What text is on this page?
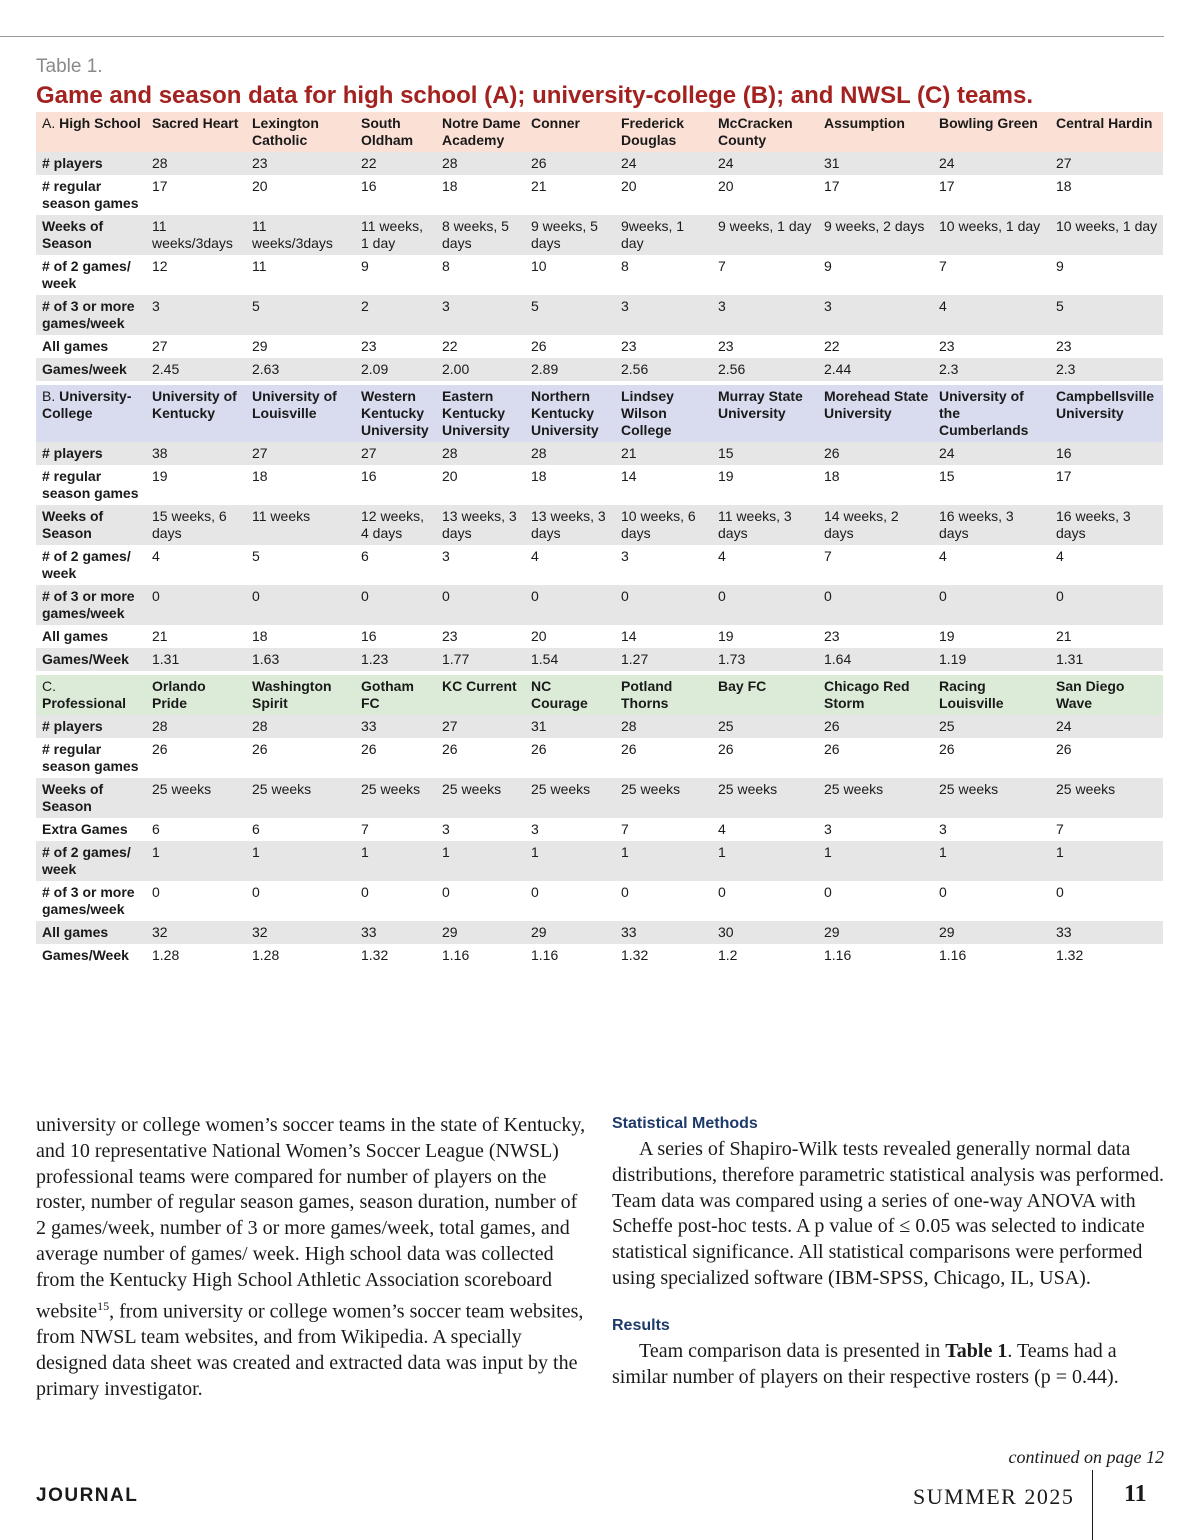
Table 1.
Game and season data for high school (A); university-college (B); and NWSL (C) teams.
A. High School	Sacred Heart	Lexington Catholic	South Oldham	Notre Dame Academy	Conner	Frederick Douglas	McCracken County	Assumption	Bowling Green	Central Hardin
# players	28	23	22	28	26	24	24	31	24	27
# regular season games	17	20	16	18	21	20	20	17	17	18
Weeks of Season	11 weeks/3days	11 weeks/3days	11 weeks, 1 day	8 weeks, 5 days	9 weeks, 5 days	9weeks, 1 day	9 weeks, 1 day	9 weeks, 2 days	10 weeks, 1 day	10 weeks, 1 day
# of 2 games/ week	12	11	9	8	10	8	7	9	7	9
# of 3 or more games/week	3	5	2	3	5	3	3	3	4	5
All games	27	29	23	22	26	23	23	22	23	23
Games/week	2.45	2.63	2.09	2.00	2.89	2.56	2.56	2.44	2.3	2.3

B. University-College	University of Kentucky	University of Louisville	Western Kentucky University	Eastern Kentucky University	Northern Kentucky University	Lindsey Wilson College	Murray State University	Morehead State University	University of the Cumberlands	Campbellsville University
# players	38	27	27	28	28	21	15	26	24	16
# regular season games	19	18	16	20	18	14	19	18	15	17
Weeks of Season	15 weeks, 6 days	11 weeks	12 weeks, 4 days	13 weeks, 3 days	13 weeks, 3 days	10 weeks, 6 days	11 weeks, 3 days	14 weeks, 2 days	16 weeks, 3 days	16 weeks, 3 days
# of 2 games/ week	4	5	6	3	4	3	4	7	4	4
# of 3 or more games/week	0	0	0	0	0	0	0	0	0	0
All games	21	18	16	23	20	14	19	23	19	21
Games/Week	1.31	1.63	1.23	1.77	1.54	1.27	1.73	1.64	1.19	1.31

C. Professional	Orlando Pride	Washington Spirit	Gotham FC	KC Current	NC Courage	Potland Thorns	Bay FC	Chicago Red Storm	Racing Louisville	San Diego Wave
# players	28	28	33	27	31	28	25	26	25	24
# regular season games	26	26	26	26	26	26	26	26	26	26
Weeks of Season	25 weeks	25 weeks	25 weeks	25 weeks	25 weeks	25 weeks	25 weeks	25 weeks	25 weeks	25 weeks
Extra Games	6	6	7	3	3	7	4	3	3	7
# of 2 games/ week	1	1	1	1	1	1	1	1	1	1
# of 3 or more games/week	0	0	0	0	0	0	0	0	0	0
All games	32	32	33	29	29	33	30	29	29	33
Games/Week	1.28	1.28	1.32	1.16	1.16	1.32	1.2	1.16	1.16	1.32

university or college women’s soccer teams in the state of Kentucky, and 10 representative National Women’s Soccer League (NWSL) professional teams were compared for number of players on the roster, number of regular season games, season duration, number of 2 games/week, number of 3 or more games/week, total games, and average number of games/ week. High school data was collected from the Kentucky High School Athletic Association scoreboard website$^{15}$, from university or college women’s soccer team websites, from NWSL team websites, and from Wikipedia. A specially designed data sheet was created and extracted data was input by the primary investigator.

Statistical Methods

A series of Shapiro-Wilk tests revealed generally normal data distributions, therefore parametric statistical analysis was performed. Team data was compared using a series of one-way ANOVA with Scheffe post-hoc tests. A p value of ≤ 0.05 was selected to indicate statistical significance. All statistical comparisons were performed using specialized software (IBM-SPSS, Chicago, IL, USA).

Results

Team comparison data is presented in Table 1. Teams had a similar number of players on their respective rosters (p = 0.44).

continued on page 12
JOURNAL	SUMMER 2025 11
